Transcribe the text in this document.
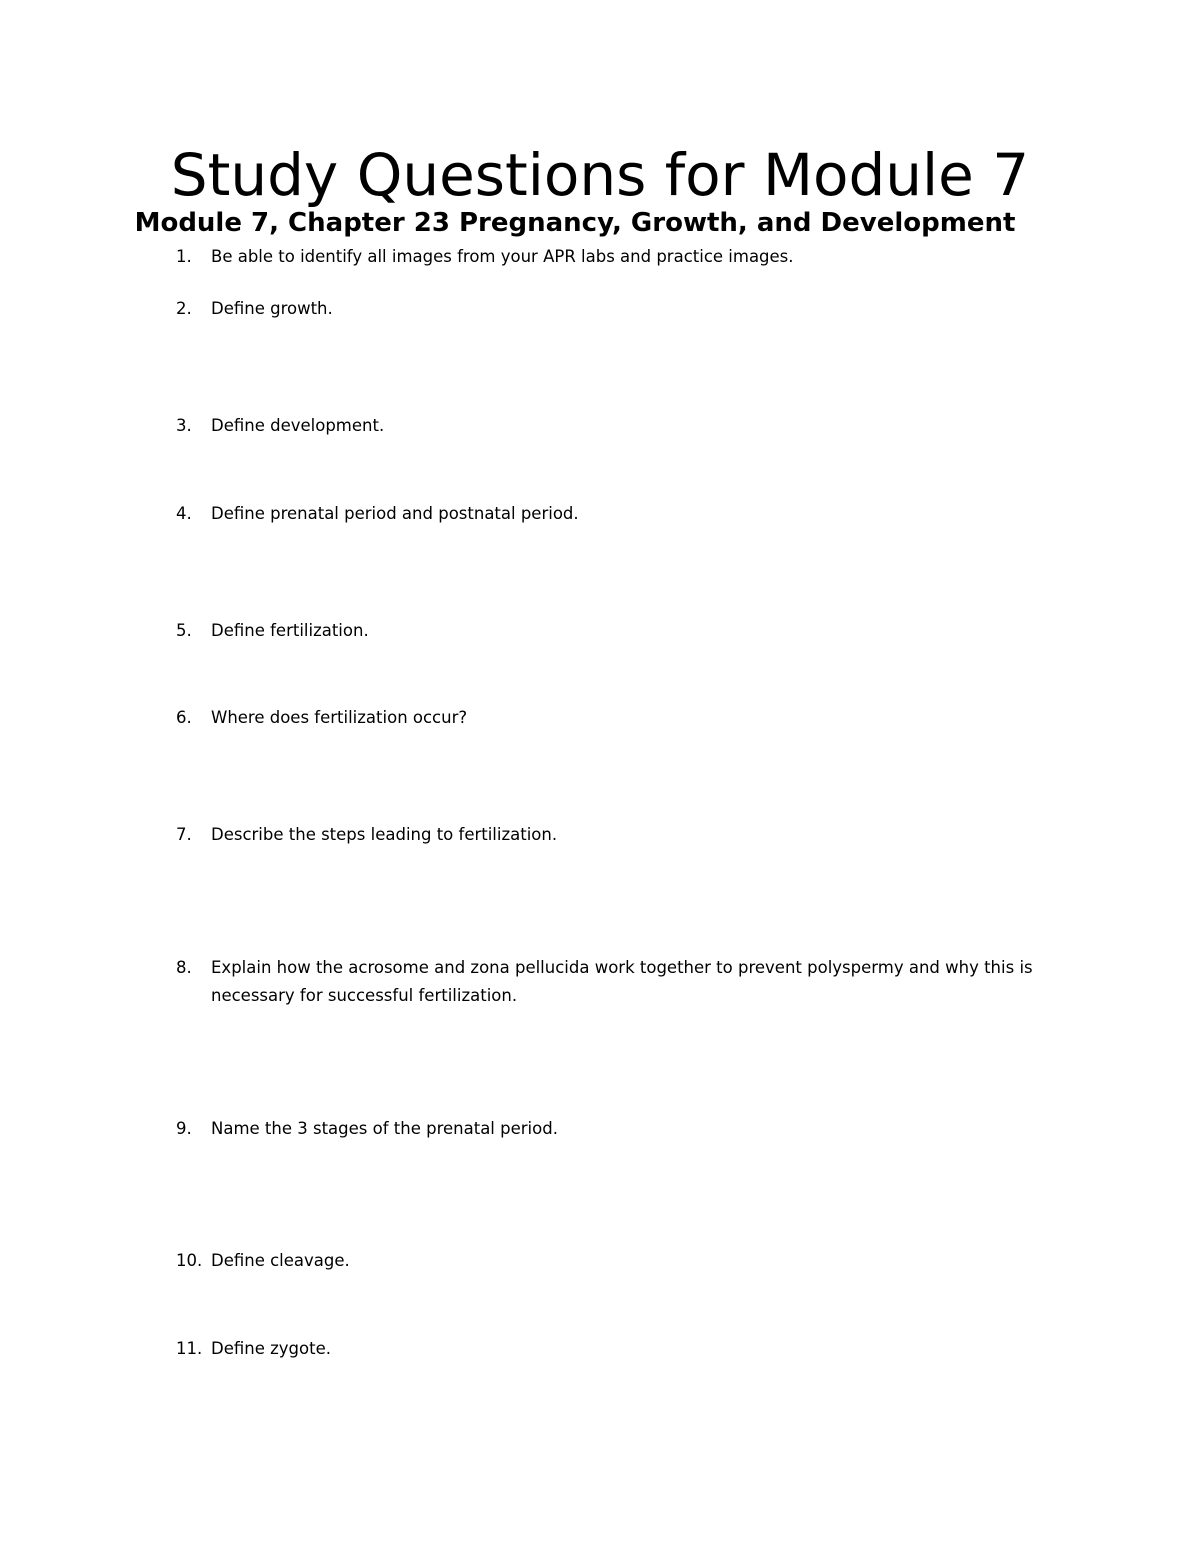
Study Questions for Module 7
Module 7, Chapter 23 Pregnancy, Growth, and Development
1. Be able to identify all images from your APR labs and practice images.
2. Define growth.
3. Define development.
4. Define prenatal period and postnatal period.
5. Define fertilization.
6. Where does fertilization occur?
7. Describe the steps leading to fertilization.
8. Explain how the acrosome and zona pellucida work together to prevent polyspermy and why this is necessary for successful fertilization.
9. Name the 3 stages of the prenatal period.
10. Define cleavage.
11. Define zygote.
